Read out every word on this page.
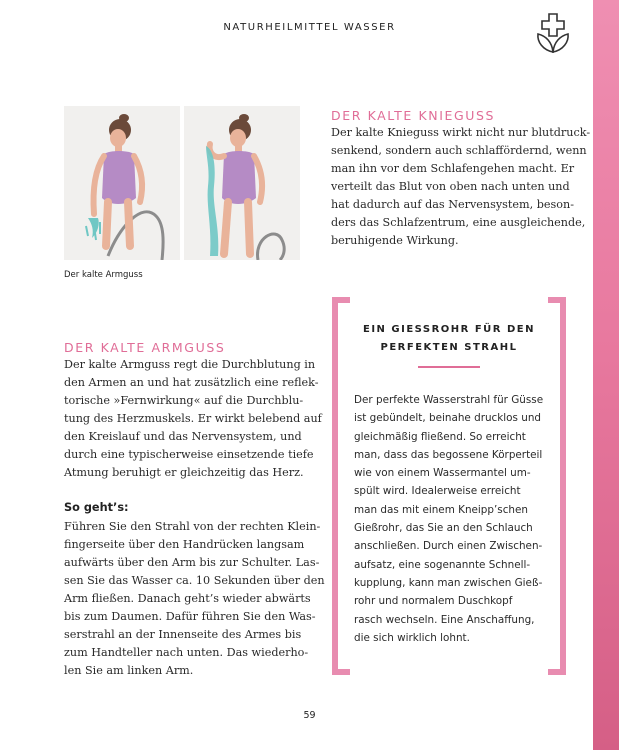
NATURHEILMITTEL WASSER

Der kalte Armguss

DER KALTE KNIEGUSS
Der kalte Knieguss wirkt nicht nur blutdruck-
senkend, sondern auch schlaffördernd, wenn
man ihn vor dem Schlafengehen macht. Er
verteilt das Blut von oben nach unten und
hat dadurch auf das Nervensystem, beson-
ders das Schlafzentrum, eine ausgleichende,
beruhigende Wirkung.
DER KALTE ARMGUSS
Der kalte Armguss regt die Durchblutung in
den Armen an und hat zusätzlich eine reflek-
torische »Fernwirkung« auf die Durchblu-
tung des Herzmuskels. Er wirkt belebend auf
den Kreislauf und das Nervensystem, und
durch eine typischerweise einsetzende tiefe
Atmung beruhigt er gleichzeitig das Herz.

So geht’s:

Führen Sie den Strahl von der rechten Klein-
fingerseite über den Handrücken langsam
aufwärts über den Arm bis zur Schulter. Las-
sen Sie das Wasser ca. 10 Sekunden über den
Arm fließen. Danach geht’s wieder abwärts
bis zum Daumen. Dafür führen Sie den Was-
serstrahl an der Innenseite des Armes bis
zum Handteller nach unten. Das wiederho-
len Sie am linken Arm.
EIN GIESSROHR FÜR DEN
PERFEKTEN STRAHL
Der perfekte Wasserstrahl für Güsse
ist gebündelt, beinahe drucklos und
gleichmäßig fließend. So erreicht
man, dass das begossene Körperteil
wie von einem Wassermantel um-
spült wird. Idealerweise erreicht
man das mit einem Kneipp’schen
Gießrohr, das Sie an den Schlauch
anschließen. Durch einen Zwischen-
aufsatz, eine sogenannte Schnell-
kupplung, kann man zwischen Gieß-
rohr und normalem Duschkopf
rasch wechseln. Eine Anschaffung,
die sich wirklich lohnt.

59
